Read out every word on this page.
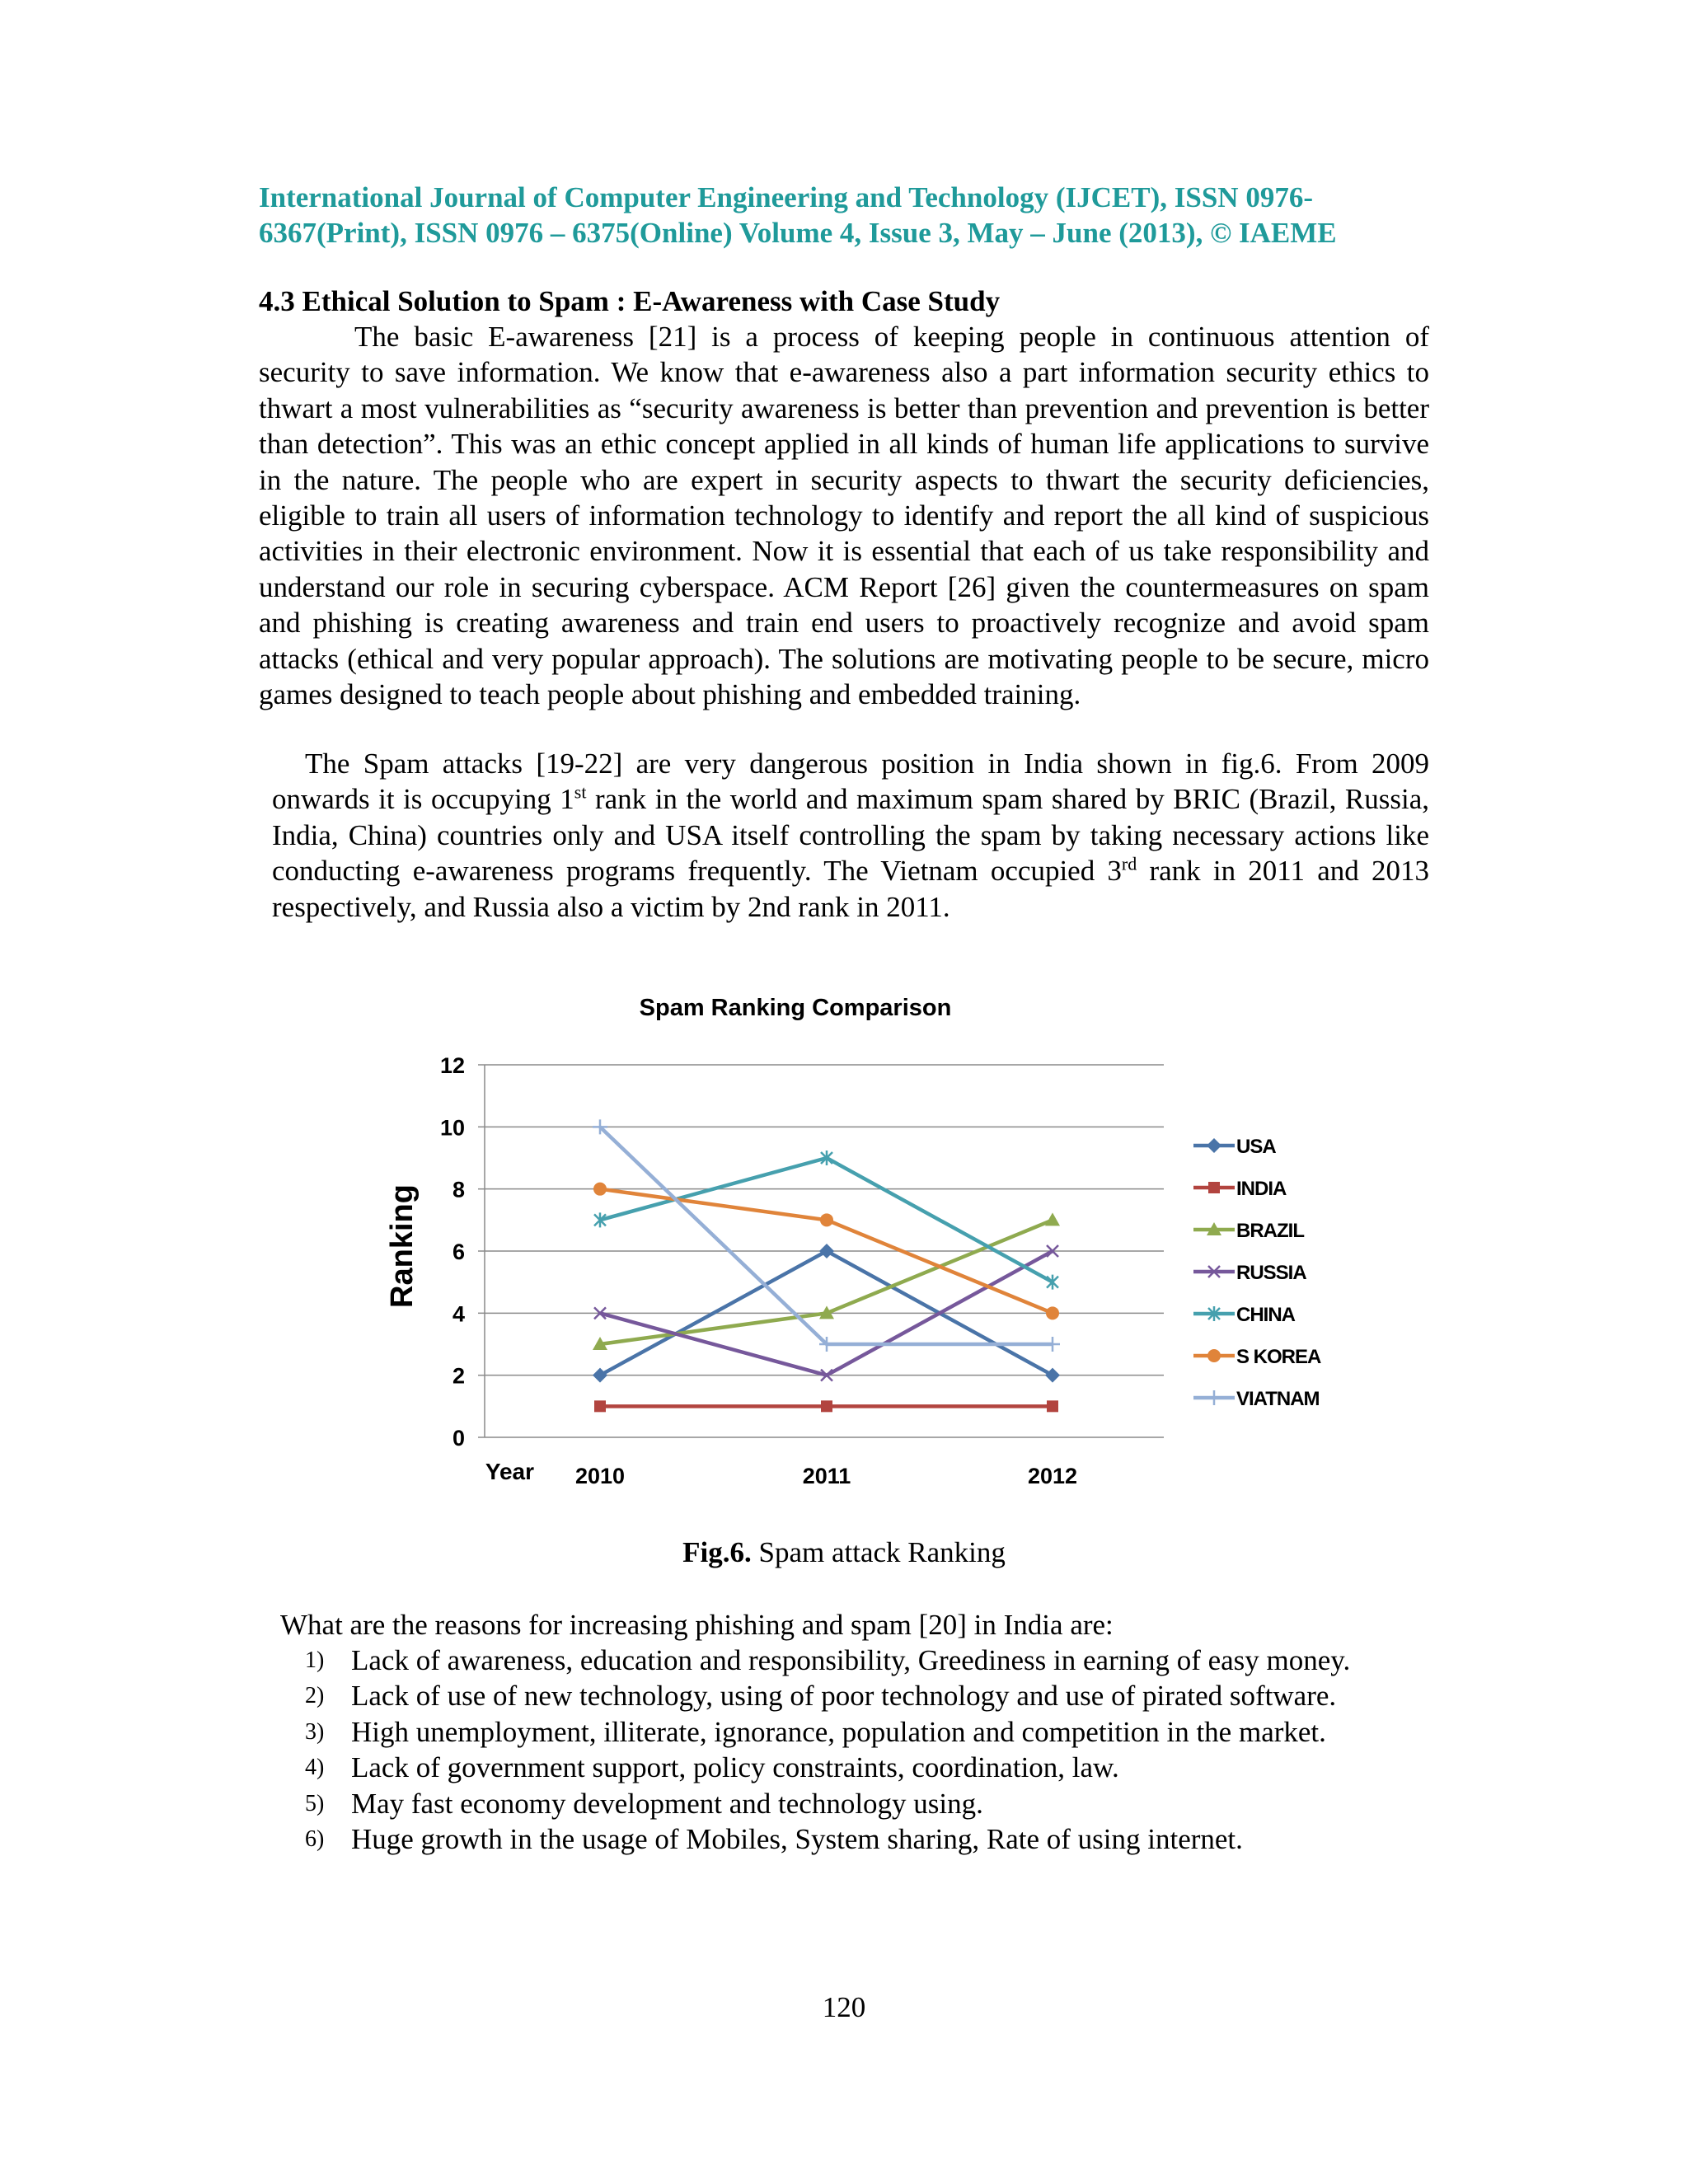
International Journal of Computer Engineering and Technology (IJCET), ISSN 0976-
6367(Print), ISSN 0976 – 6375(Online) Volume 4, Issue 3, May – June (2013), © IAEME
4.3 Ethical Solution to Spam : E-Awareness with Case Study

The basic E-awareness [21] is a process of keeping people in continuous attention of security to save information. We know that e-awareness also a part information security ethics to thwart a most vulnerabilities as “security awareness is better than prevention and prevention is better than detection”. This was an ethic concept applied in all kinds of human life applications to survive in the nature. The people who are expert in security aspects to thwart the security deficiencies, eligible to train all users of information technology to identify and report the all kind of suspicious activities in their electronic environment. Now it is essential that each of us take responsibility and understand our role in securing cyberspace. ACM Report [26] given the countermeasures on spam and phishing is creating awareness and train end users to proactively recognize and avoid spam attacks (ethical and very popular approach). The solutions are motivating people to be secure, micro games designed to teach people about phishing and embedded training.

The Spam attacks [19-22] are very dangerous position in India shown in fig.6. From 2009 onwards it is occupying 1st rank in the world and maximum spam shared by BRIC (Brazil, Russia, India, China) countries only and USA itself controlling the spam by taking necessary actions like conducting e-awareness programs frequently. The Vietnam occupied 3rd rank in 2011 and 2013 respectively, and Russia also a victim by 2nd rank in 2011.

Spam Ranking Comparison
Ranking
Year
0
2
4
6
8
10
12
2010	2011	2012
USA
INDIA
BRAZIL
RUSSIA
CHINA
S KOREA
VIATNAM
Fig.6. Spam attack Ranking
What are the reasons for increasing phishing and spam [20] in India are:
1) Lack of awareness, education and responsibility, Greediness in earning of easy money.
2) Lack of use of new technology, using of poor technology and use of pirated software.
3) High unemployment, illiterate, ignorance, population and competition in the market.
4) Lack of government support, policy constraints, coordination, law.
5) May fast economy development and technology using.
6) Huge growth in the usage of Mobiles, System sharing, Rate of using internet.
120
